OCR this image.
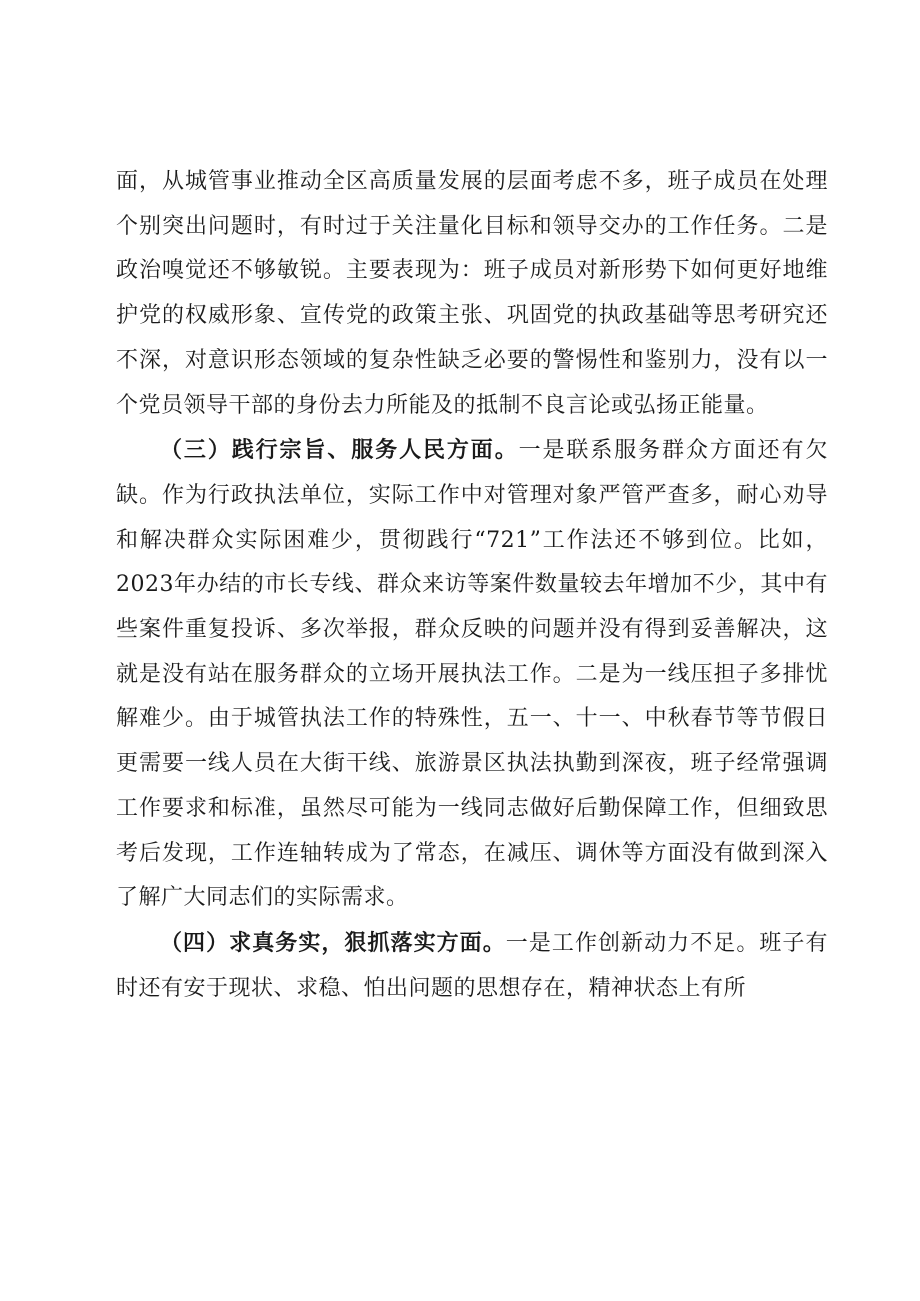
面，从城管事业推动全区高质量发展的层面考虑不多，班子成员在处理个别突出问题时，有时过于关注量化目标和领导交办的工作任务。二是政治嗅觉还不够敏锐。主要表现为：班子成员对新形势下如何更好地维护党的权威形象、宣传党的政策主张、巩固党的执政基础等思考研究还不深，对意识形态领域的复杂性缺乏必要的警惕性和鉴别力，没有以一个党员领导干部的身份去力所能及的抵制不良言论或弘扬正能量。

（三）践行宗旨、服务人民方面。一是联系服务群众方面还有欠缺。作为行政执法单位，实际工作中对管理对象严管严查多，耐心劝导和解决群众实际困难少，贯彻践行“721”工作法还不够到位。比如，2023年办结的市长专线、群众来访等案件数量较去年增加不少，其中有些案件重复投诉、多次举报，群众反映的问题并没有得到妥善解决，这就是没有站在服务群众的立场开展执法工作。二是为一线压担子多排忧解难少。由于城管执法工作的特殊性，五一、十一、中秋春节等节假日更需要一线人员在大街干线、旅游景区执法执勤到深夜，班子经常强调工作要求和标准，虽然尽可能为一线同志做好后勤保障工作，但细致思考后发现，工作连轴转成为了常态，在减压、调休等方面没有做到深入了解广大同志们的实际需求。

（四）求真务实，狠抓落实方面。一是工作创新动力不足。班子有时还有安于现状、求稳、怕出问题的思想存在，精神状态上有所
